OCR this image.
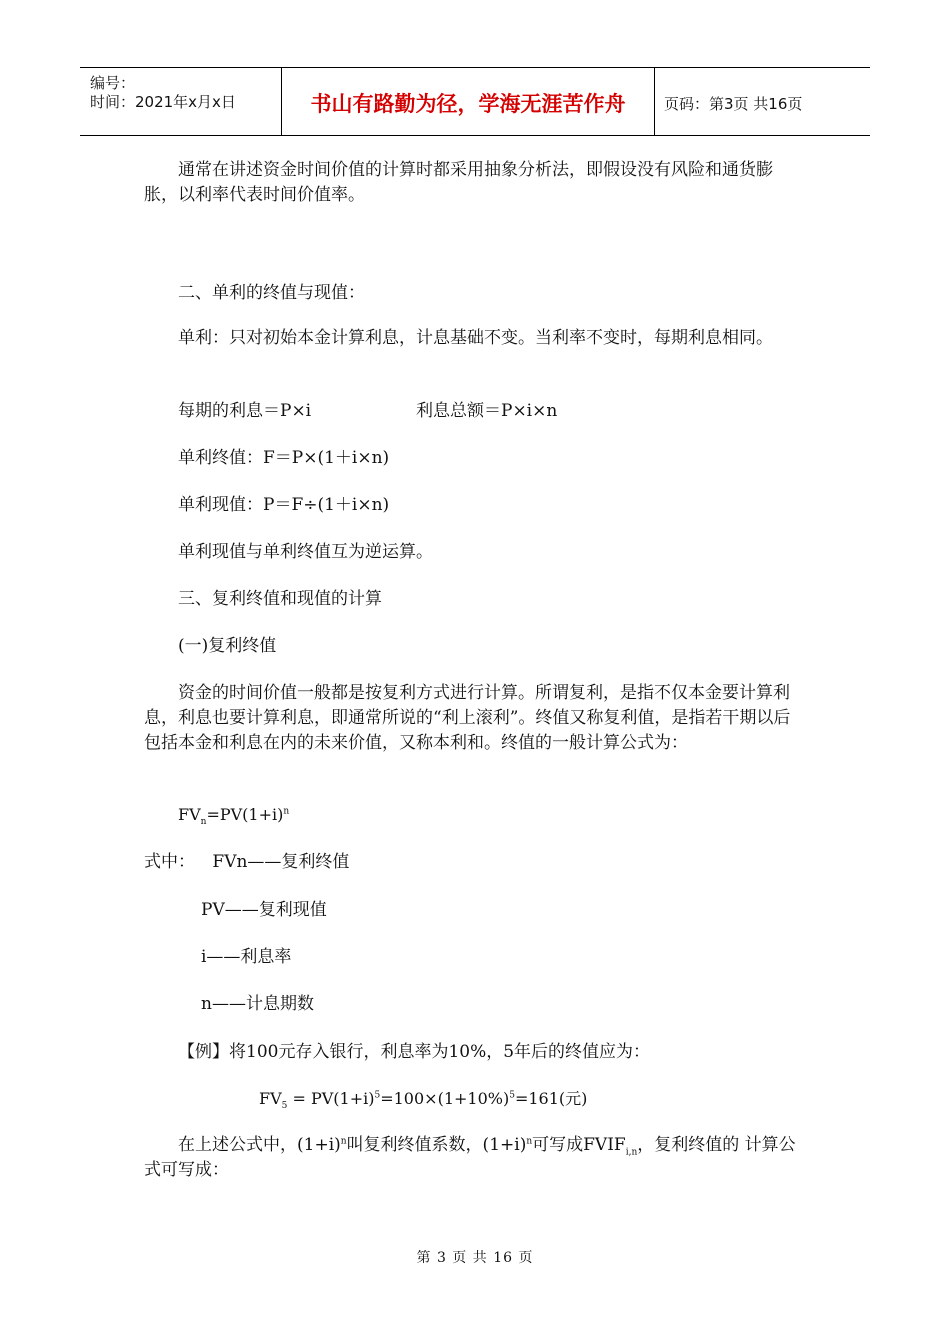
编号：
时间：2021年x月x日	书山有路勤为径，学海无涯苦作舟	页码：第3页 共16页

通常在讲述资金时间价值的计算时都采用抽象分析法，即假设没有风险和通货膨胀，以利率代表时间价值率。

二、单利的终值与现值：

单利：只对初始本金计算利息，计息基础不变。当利率不变时，每期利息相同。

每期的利息＝P×i	利息总额＝P×i×n
单利终值：F＝P×(1＋i×n)
单利现值：P＝F÷(1＋i×n)
单利现值与单利终值互为逆运算。
三、复利终值和现值的计算
(一)复利终值

资金的时间价值一般都是按复利方式进行计算。所谓复利，是指不仅本金要计算利息，利息也要计算利息，即通常所说的“利上滚利”。终值又称复利值，是指若干期以后包括本金和利息在内的未来价值，又称本利和。终值的一般计算公式为：

$FV_n=PV(1+i)^n$
式中： FVn——复利终值
PV——复利现值
i——利息率
n——计息期数
【例】将100元存入银行，利息率为10%，5年后的终值应为：
$FV_5 = PV(1+i)^5=100\times(1+10\%)^5=161$(元)

在上述公式中，$(1+i)^n$叫复利终值系数，$(1+i)^n$可写成$FVIF_{i,n}$，复利终值的 计算公式可写成：

第 3 页 共 16 页
